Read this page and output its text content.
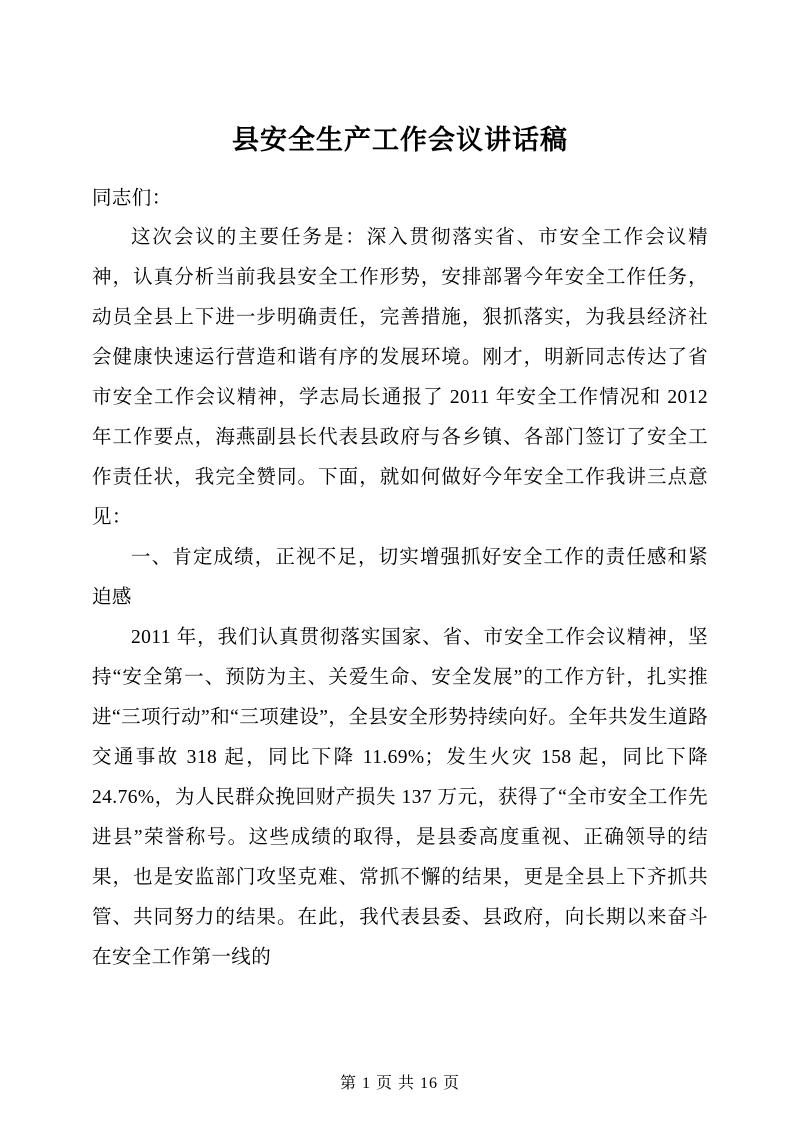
县安全生产工作会议讲话稿

同志们：

这次会议的主要任务是：深入贯彻落实省、市安全工作会议精神，认真分析当前我县安全工作形势，安排部署今年安全工作任务，动员全县上下进一步明确责任，完善措施，狠抓落实，为我县经济社会健康快速运行营造和谐有序的发展环境。刚才，明新同志传达了省市安全工作会议精神，学志局长通报了 2011 年安全工作情况和 2012 年工作要点，海燕副县长代表县政府与各乡镇、各部门签订了安全工作责任状，我完全赞同。下面，就如何做好今年安全工作我讲三点意见：

一、肯定成绩，正视不足，切实增强抓好安全工作的责任感和紧迫感

2011 年，我们认真贯彻落实国家、省、市安全工作会议精神，坚持“安全第一、预防为主、关爱生命、安全发展”的工作方针，扎实推进“三项行动”和“三项建设”，全县安全形势持续向好。全年共发生道路交通事故 318 起，同比下降 11.69%；发生火灾 158 起，同比下降 24.76%，为人民群众挽回财产损失 137 万元，获得了“全市安全工作先进县”荣誉称号。这些成绩的取得，是县委高度重视、正确领导的结果，也是安监部门攻坚克难、常抓不懈的结果，更是全县上下齐抓共管、共同努力的结果。在此，我代表县委、县政府，向长期以来奋斗在安全工作第一线的

第 1 页 共 16 页
